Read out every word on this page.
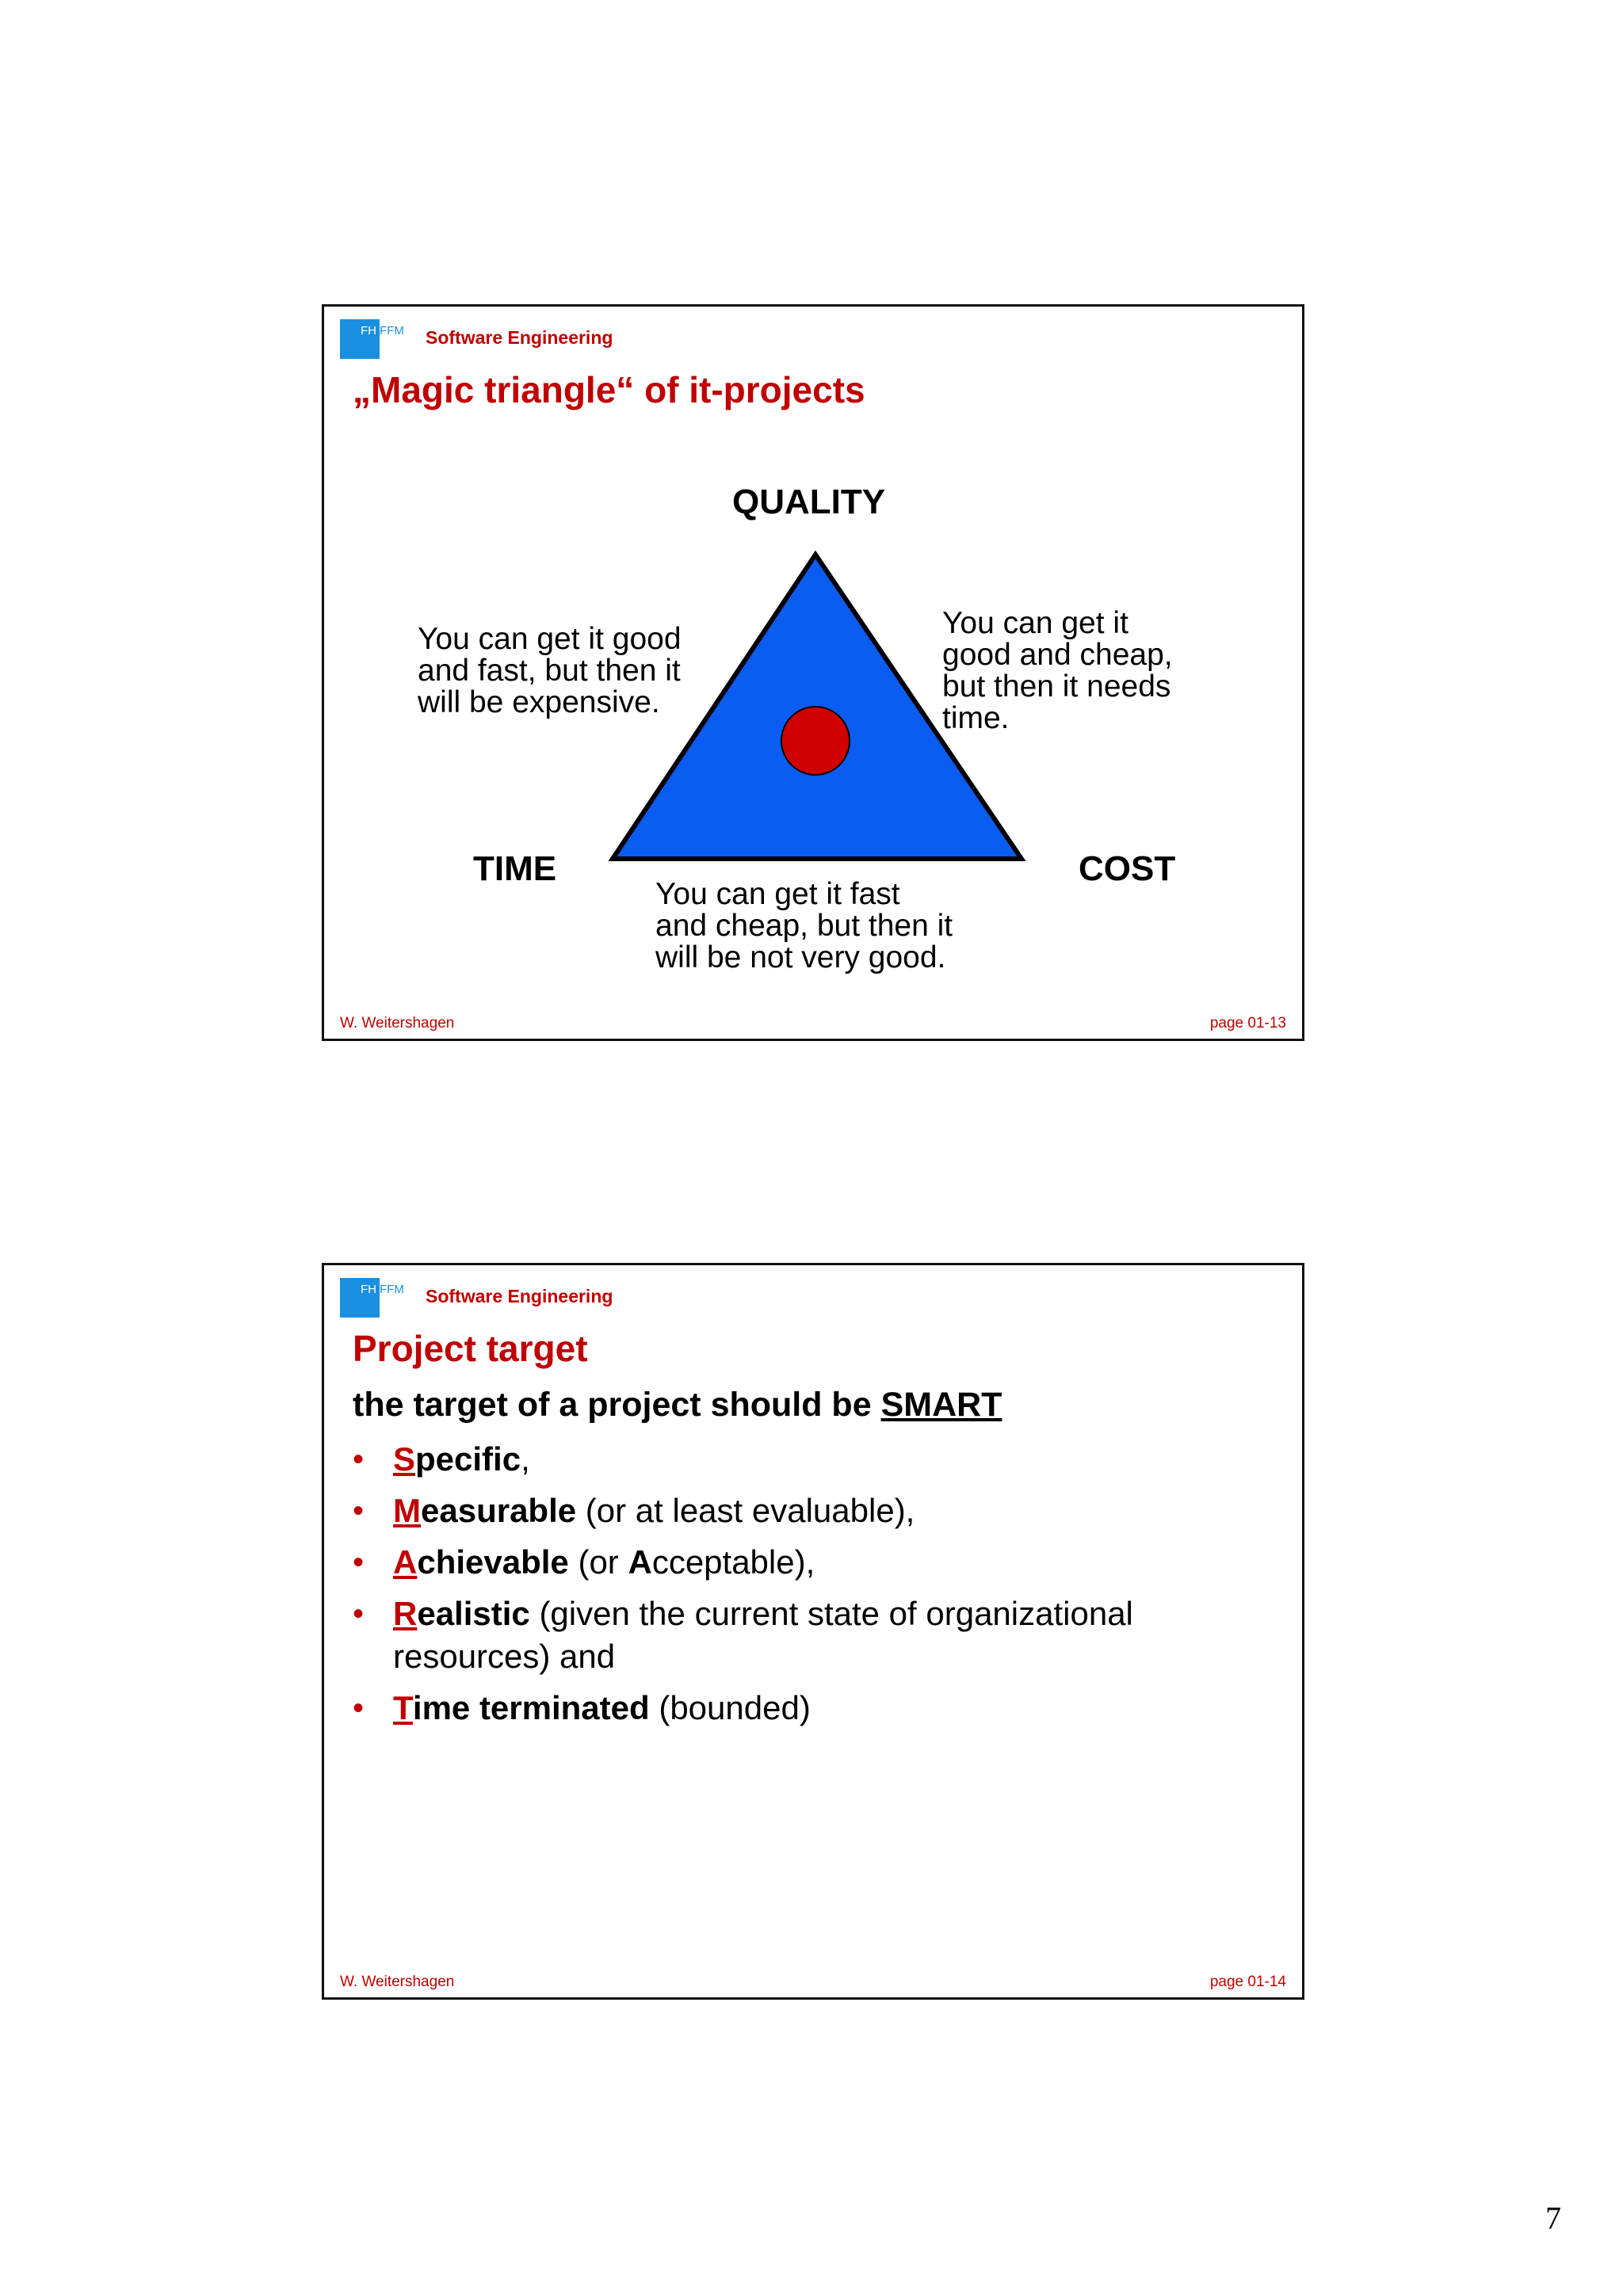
FH FFM Software Engineering
„Magic triangle“ of it-projects
QUALITY
TIME	COST
You can get it good
and fast, but then it
will be expensive.
You can get it
good and cheap,
but then it needs
time.
You can get it fast
and cheap, but then it
will be not very good.
W. Weitershagen	page 01-13
FH FFM Software Engineering
Project target
the target of a project should be SMART
• Specific,
• Measurable (or at least evaluable),
• Achievable (or Acceptable),
• Realistic (given the current state of organizational resources) and
• Time terminated (bounded)
W. Weitershagen	page 01-14
7
